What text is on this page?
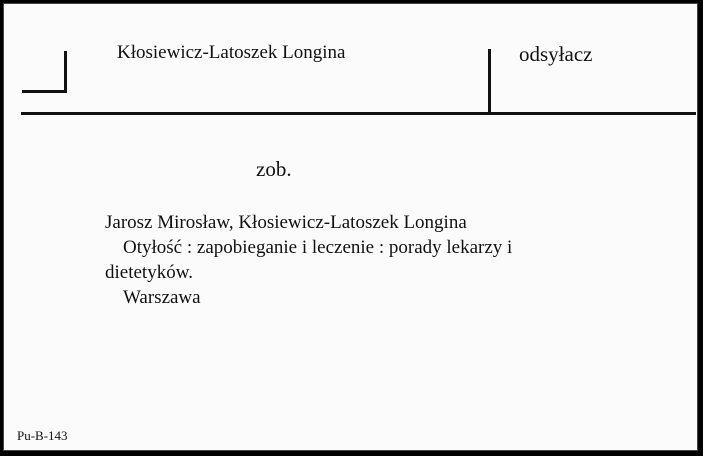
Kłosiewicz-Latoszek Longina	odsyłacz
zob.
Jarosz Mirosław, Kłosiewicz-Latoszek Longina
Otyłość : zapobieganie i leczenie : porady lekarzy i
dietetyków.
Warszawa
Pu-B-143
